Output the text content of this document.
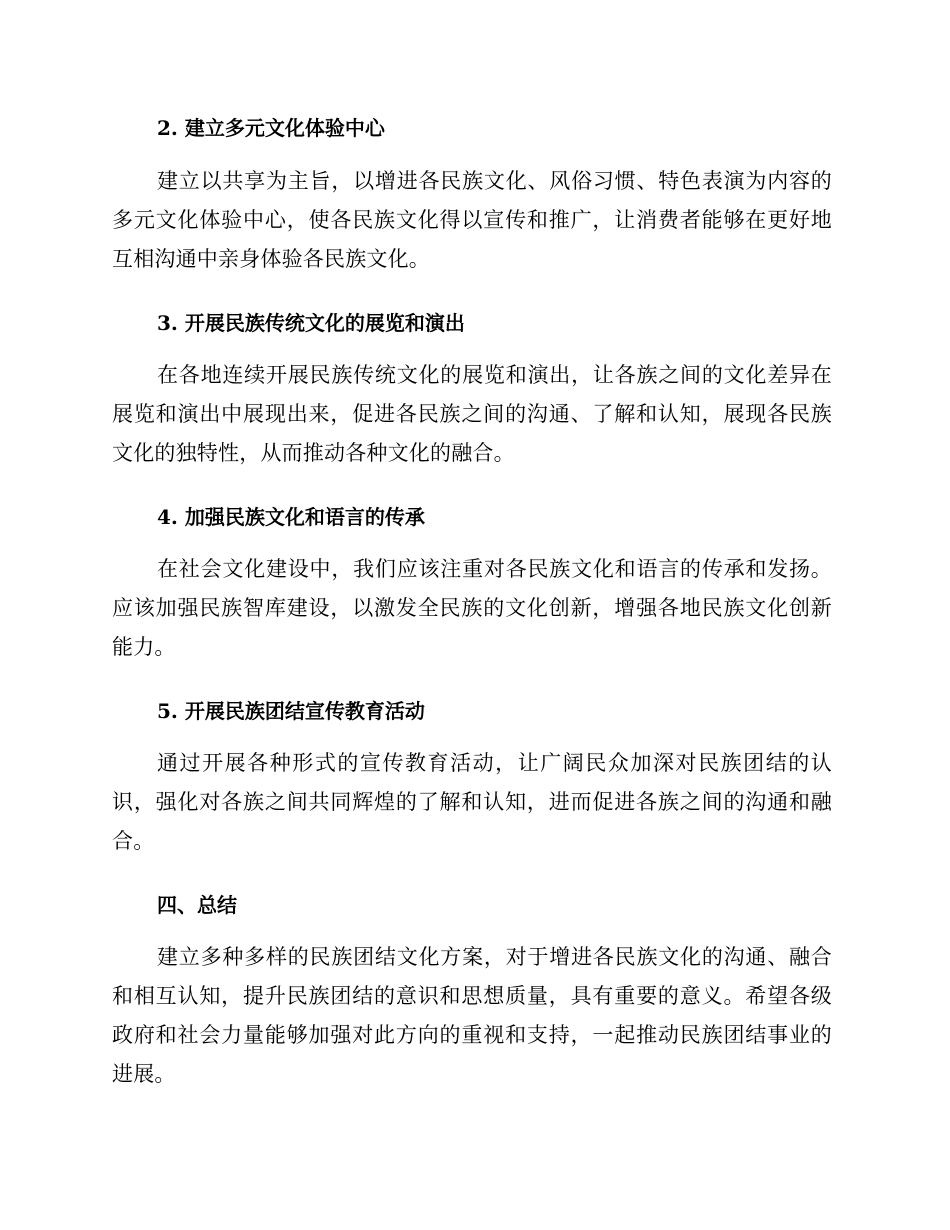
2. 建立多元文化体验中心
建立以共享为主旨，以增进各民族文化、风俗习惯、特色表演为内容的多元文化体验中心，使各民族文化得以宣传和推广，让消费者能够在更好地互相沟通中亲身体验各民族文化。
3. 开展民族传统文化的展览和演出
在各地连续开展民族传统文化的展览和演出，让各族之间的文化差异在展览和演出中展现出来，促进各民族之间的沟通、了解和认知，展现各民族文化的独特性，从而推动各种文化的融合。
4. 加强民族文化和语言的传承
在社会文化建设中，我们应该注重对各民族文化和语言的传承和发扬。应该加强民族智库建设，以激发全民族的文化创新，增强各地民族文化创新能力。
5. 开展民族团结宣传教育活动
通过开展各种形式的宣传教育活动，让广阔民众加深对民族团结的认识，强化对各族之间共同辉煌的了解和认知，进而促进各族之间的沟通和融合。
四、总结
建立多种多样的民族团结文化方案，对于增进各民族文化的沟通、融合和相互认知，提升民族团结的意识和思想质量，具有重要的意义。希望各级政府和社会力量能够加强对此方向的重视和支持，一起推动民族团结事业的进展。
